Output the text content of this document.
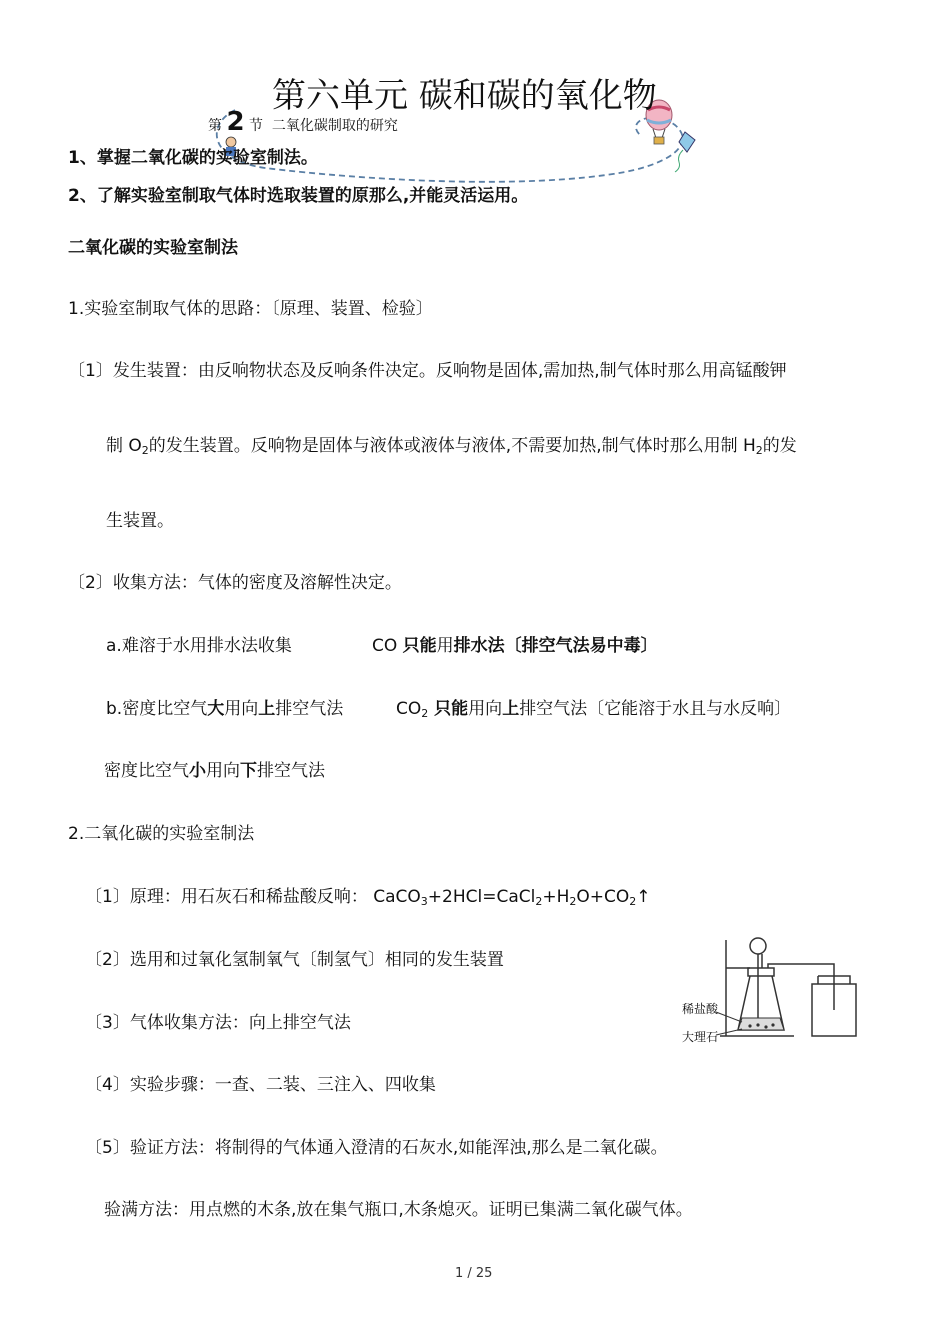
第六单元 碳和碳的氧化物
第 2 节 二氧化碳制取的研究
1、掌握二氧化碳的实验室制法。
2、了解实验室制取气体时选取装置的原那么,并能灵活运用。
二氧化碳的实验室制法
1.实验室制取气体的思路：〔原理、装置、检验〕
〔1〕发生装置：由反响物状态及反响条件决定。反响物是固体,需加热,制气体时那么用高锰酸钾
制 $O_2$的发生装置。反响物是固体与液体或液体与液体,不需要加热,制气体时那么用制 $H_2$的发
生装置。
〔2〕收集方法：气体的密度及溶解性决定。
a.难溶于水用排水法收集	CO 只能用排水法〔排空气法易中毒〕
b.密度比空气大用向上排空气法	$CO_2$ 只能用向上排空气法〔它能溶于水且与水反响〕
密度比空气小用向下排空气法
2.二氧化碳的实验室制法
〔1〕原理：用石灰石和稀盐酸反响： $CaCO_3+2HCl=CaCl_2+H_2O+CO_2↑$
〔2〕选用和过氧化氢制氧气〔制氢气〕相同的发生装置
〔3〕气体收集方法：向上排空气法
〔4〕实验步骤：一查、二装、三注入、四收集
〔5〕验证方法：将制得的气体通入澄清的石灰水,如能浑浊,那么是二氧化碳。
验满方法：用点燃的木条,放在集气瓶口,木条熄灭。证明已集满二氧化碳气体。
稀盐酸
大理石
1 / 25
